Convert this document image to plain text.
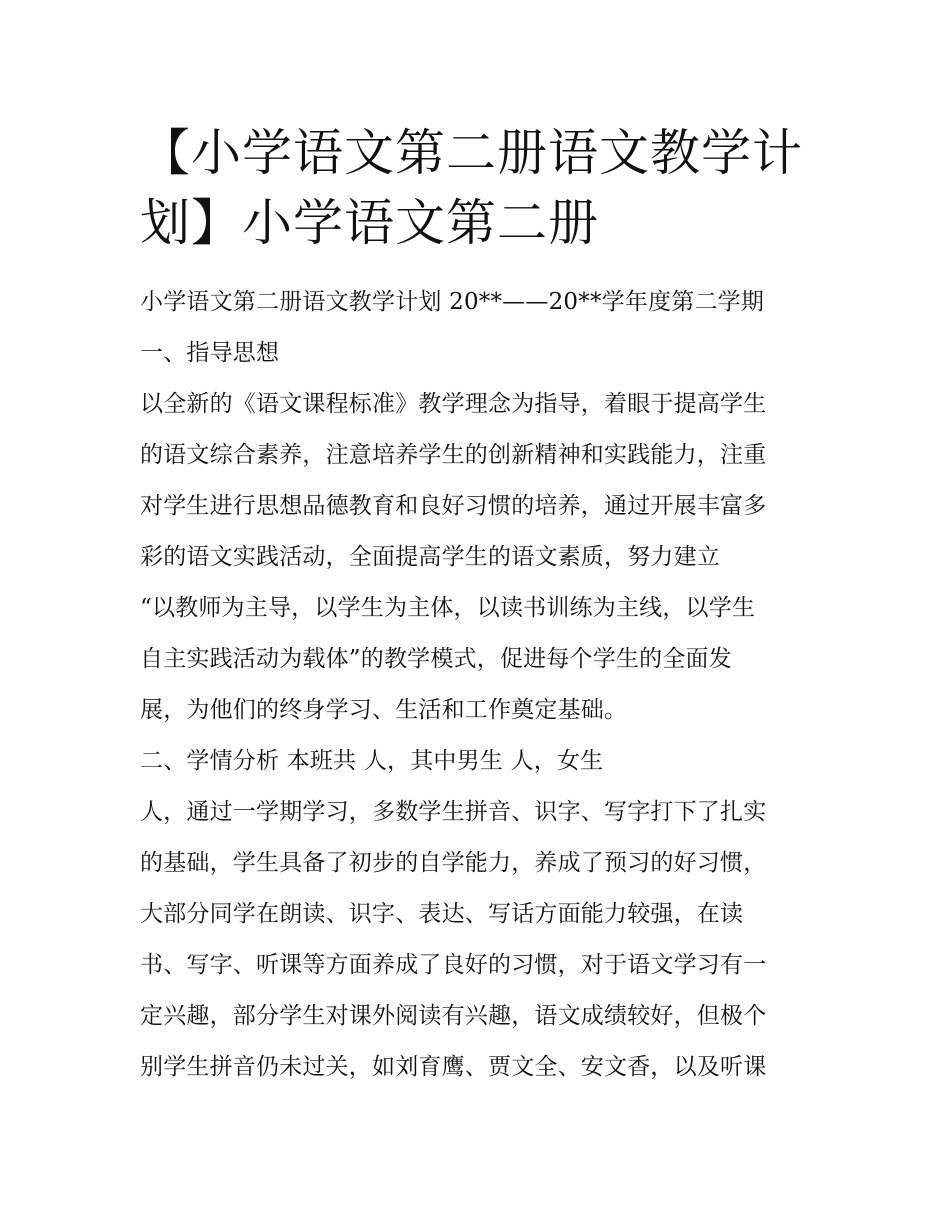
【小学语文第二册语文教学计
划】小学语文第二册
小学语文第二册语文教学计划 20**——20**学年度第二学期
一、指导思想
以全新的《语文课程标准》教学理念为指导，着眼于提高学生
的语文综合素养，注意培养学生的创新精神和实践能力，注重
对学生进行思想品德教育和良好习惯的培养，通过开展丰富多
彩的语文实践活动，全面提高学生的语文素质，努力建立
“以教师为主导，以学生为主体，以读书训练为主线，以学生
自主实践活动为载体”的教学模式，促进每个学生的全面发
展，为他们的终身学习、生活和工作奠定基础。
二、学情分析 本班共 人，其中男生 人，女生
人，通过一学期学习，多数学生拼音、识字、写字打下了扎实
的基础，学生具备了初步的自学能力，养成了预习的好习惯，
大部分同学在朗读、识字、表达、写话方面能力较强，在读
书、写字、听课等方面养成了良好的习惯，对于语文学习有一
定兴趣，部分学生对课外阅读有兴趣，语文成绩较好，但极个
别学生拼音仍未过关，如刘育鹰、贾文全、安文香，以及听课
